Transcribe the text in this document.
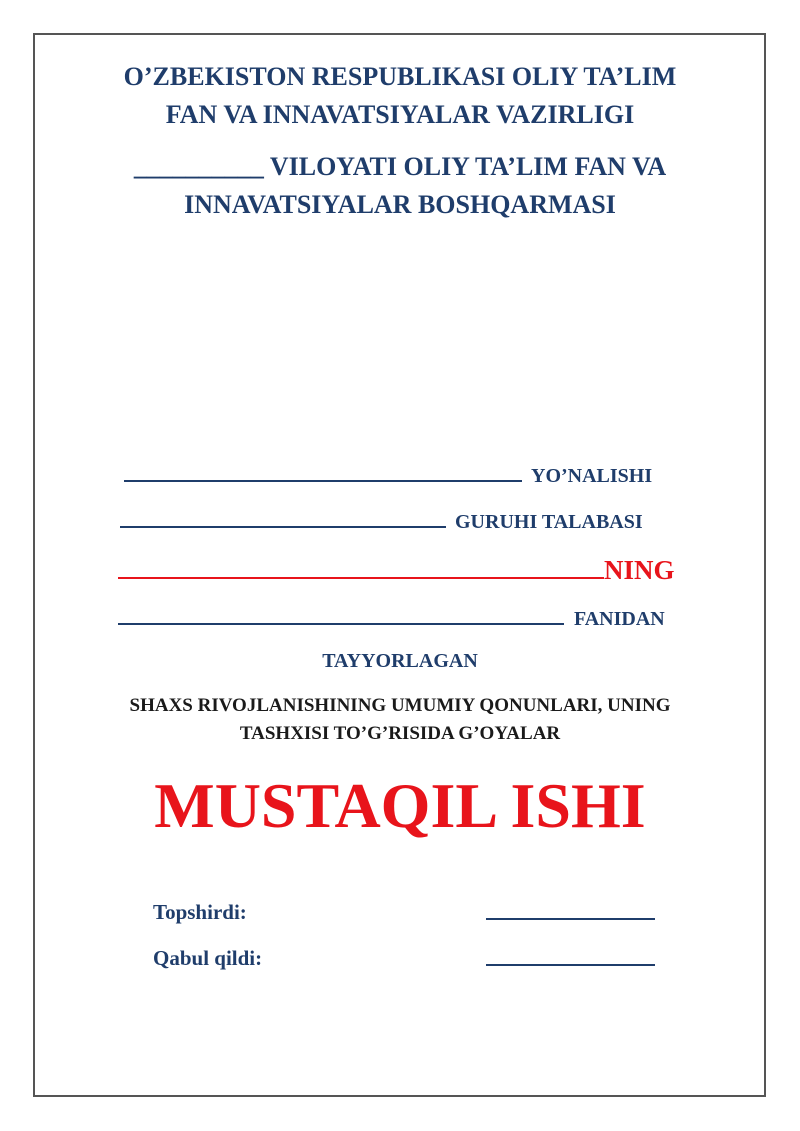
O’ZBEKISTON RESPUBLIKASI OLIY TA’LIM
FAN VA INNAVATSIYALAR VAZIRLIGI
__________ VILOYATI OLIY TA’LIM FAN VA
INNAVATSIYALAR BOSHQARMASI
YO’NALISHI
GURUHI TALABASI
NING
FANIDAN
TAYYORLAGAN
SHAXS RIVOJLANISHINING UMUMIY QONUNLARI, UNING
TASHXISI TO’G’RISIDA G’OYALAR
MUSTAQIL ISHI
Topshirdi:
Qabul qildi:
